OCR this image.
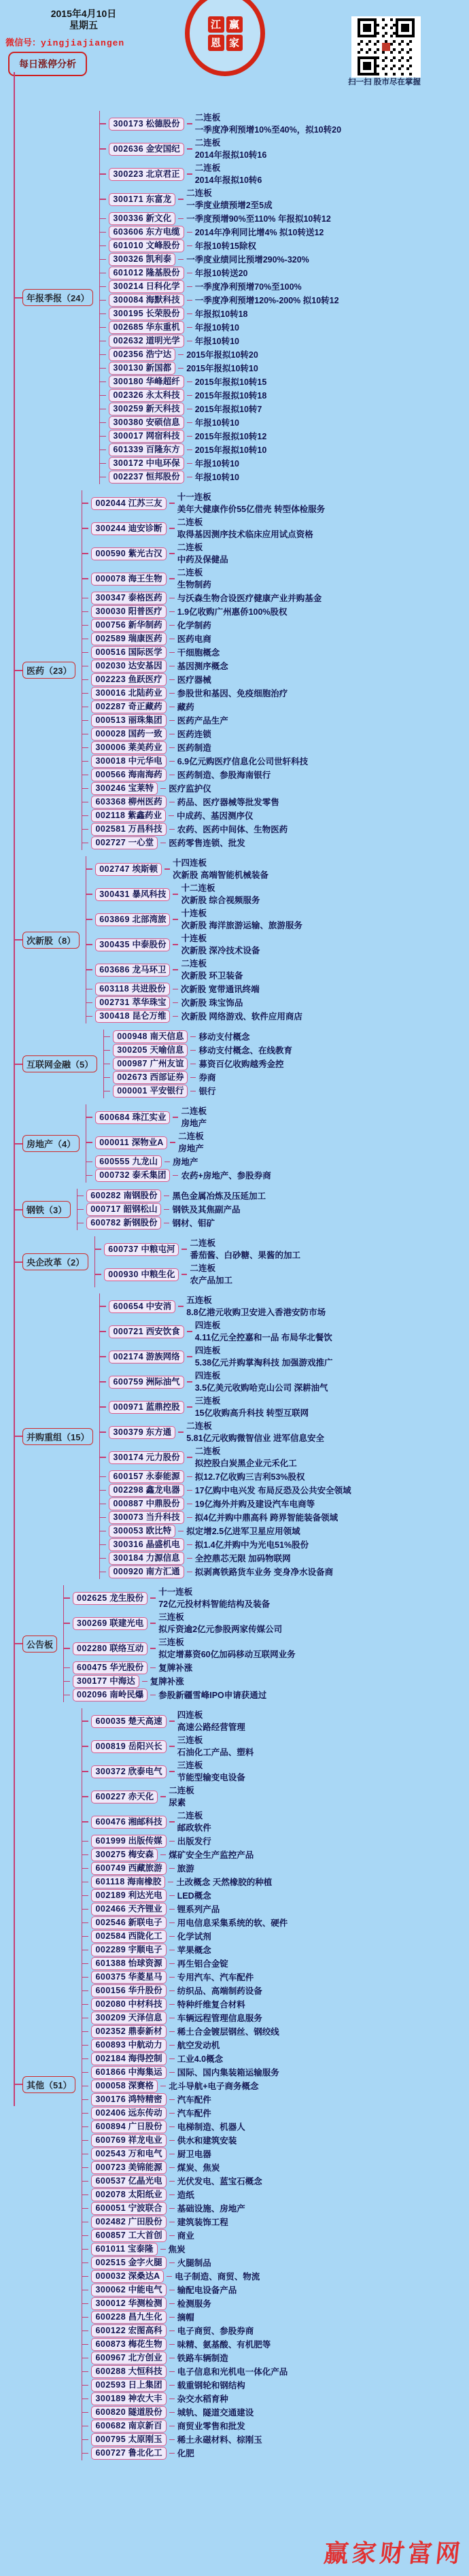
2015年4月10日
星期五
微信号：yingjiajiangen
每日涨停分析
江 赢
恩 家
扫一扫 股市尽在掌握
年报季报（24）
300173 松德股份
二连板
一季度净利预增10%至40%，拟10转20
002636 金安国纪
二连板
2014年报拟10转16
300223 北京君正
二连板
2014年报拟10转6
300171 东富龙
二连板
一季度业绩预增2至5成
300336 新文化	一季度预增90%至110% 年报拟10转12
603606 东方电缆	2014年净利同比增4% 拟10转送12
601010 文峰股份	年报10转15除权
300326 凯利泰	一季度业绩同比预增290%-320%
601012 隆基股份	年报10转送20
300214 日科化学	一季度净利预增70%至100%
300084 海默科技	一季度净利预增120%-200% 拟10转12
300195 长荣股份	年报拟10转18
002685 华东重机	年报10转10
002632 道明光学	年报10转10
002356 浩宁达	2015年报拟10转20
300130 新国都	2015年报拟10转10
300180 华峰超纤	2015年报拟10转15
002326 永太科技	2015年报拟10转18
300259 新天科技	2015年报拟10转7
300380 安硕信息	年报10转10
300017 网宿科技	2015年报拟10转12
601339 百隆东方	2015年报拟10转10
300172 中电环保	年报10转10
002237 恒邦股份	年报10转10
医药（23）
002044 江苏三友
十一连板
美年大健康作价55亿借壳 转型体检服务
300244 迪安诊断
二连板
取得基因测序技术临床应用试点资格
000590 紫光古汉
二连板
中药及保健品
000078 海王生物
二连板
生物制药
300347 泰格医药	与沃森生物合设医疗健康产业并购基金
300030 阳普医疗	1.9亿收购广州惠侨100%股权
000756 新华制药	化学制药
002589 瑞康医药	医药电商
000516 国际医学	干细胞概念
002030 达安基因	基因测序概念
002223 鱼跃医疗	医疗器械
300016 北陆药业	参股世和基因、免疫细胞治疗
002287 奇正藏药	藏药
000513 丽珠集团	医药产品生产
000028 国药一致	医药连锁
300006 莱美药业	医药制造
300018 中元华电	6.9亿元购医疗信息化公司世轩科技
000566 海南海药	医药制造、参股海南银行
300246 宝莱特	医疗监护仪
603368 柳州医药	药品、医疗器械等批发零售
002118 紫鑫药业	中成药、基因测序仪
002581 万昌科技	农药、医药中间体、生物医药
002727 一心堂	医药零售连锁、批发
次新股（8）
002747 埃斯顿
十四连板
次新股 高端智能机械装备
300431 暴风科技
十二连板
次新股 综合视频服务
603869 北部湾旅
十连板
次新股 海洋旅游运输、旅游服务
300435 中泰股份
十连板
次新股 深冷技术设备
603686 龙马环卫
二连板
次新股 环卫装备
603118 共进股份	次新股 宽带通讯终端
002731 萃华珠宝	次新股 珠宝饰品
300418 昆仑万维	次新股 网络游戏、软件应用商店
互联网金融（5）
000948 南天信息	移动支付概念
300205 天喻信息	移动支付概念、在线教育
000987 广州友谊	募资百亿收购越秀金控
002673 西部证券	券商
000001 平安银行	银行
房地产（4）
600684 珠江实业
二连板
房地产
000011 深物业A
二连板
房地产
600555 九龙山	房地产
000732 泰禾集团	农药+房地产、参股券商
钢铁（3）
600282 南钢股份	黑色金属冶炼及压延加工
000717 韶钢松山	钢铁及其焦副产品
600782 新钢股份	钢材、钼矿
央企改革（2）
600737 中粮屯河
二连板
番茄酱、白砂糖、果酱的加工
000930 中粮生化
二连板
农产品加工
并购重组（15）
600654 中安消
五连板
8.8亿港元收购卫安进入香港安防市场
000721 西安饮食
四连板
4.11亿元全控嘉和一品 布局华北餐饮
002174 游族网络
四连板
5.38亿元并购掌淘科技 加强游戏推广
600759 洲际油气
四连板
3.5亿美元收购哈克山公司 深耕油气
000971 蓝鼎控股
三连板
15亿收购高升科技 转型互联网
300379 东方通
二连板
5.81亿元收购微智信业 进军信息安全
300174 元力股份
二连板
拟控股白炭黑企业元禾化工
600157 永泰能源	拟12.7亿收购三吉利53%股权
002298 鑫龙电器	17亿购中电兴发 布局反恐及公共安全领域
000887 中鼎股份	19亿海外并购及建设汽车电商等
300073 当升科技	拟4亿并购中鼎高科 跨界智能装备领域
300053 欧比特	拟定增2.5亿进军卫星应用领域
300316 晶盛机电	拟1.4亿并购中为光电51%股份
300184 力源信息	全控鼎芯无限 加码物联网
000920 南方汇通	拟剥离铁路货车业务 变身净水设备商
公告板
002625 龙生股份
十一连板
72亿元投材料智能结构及装备
300269 联建光电
三连板
拟斥资逾2亿元参股两家传媒公司
002280 联络互动
三连板
拟定增募资60亿加码移动互联网业务
600475 华光股份	复牌补涨
300177 中海达	复牌补涨
002096 南岭民爆	参股新疆雪峰IPO申请获通过
其他（51）
600035 楚天高速
四连板
高速公路经营管理
000819 岳阳兴长
三连板
石油化工产品、塑料
300372 欣泰电气
三连板
节能型输变电设备
600227 赤天化
二连板
尿素
600476 湘邮科技
二连板
邮政软件
601999 出版传媒	出版发行
300275 梅安森	煤矿安全生产监控产品
600749 西藏旅游	旅游
601118 海南橡胶	土改概念 天然橡胶的种植
002189 利达光电	LED概念
002466 天齐锂业	锂系列产品
002546 新联电子	用电信息采集系统的软、硬件
002584 西陇化工	化学试剂
002289 宇顺电子	苹果概念
601388 怡球资源	再生铝合金锭
600375 华菱星马	专用汽车、汽车配件
600156 华升股份	纺织品、高端制药设备
002080 中材科技	特种纤维复合材料
300209 天泽信息	车辆远程管理信息服务
002352 鼎泰新材	稀土合金镀层钢丝、钢绞线
600893 中航动力	航空发动机
002184 海得控制	工业4.0概念
601866 中海集运	国际、国内集装箱运输服务
000058 深赛格	北斗导航+电子商务概念
300176 鸿特精密	汽车配件
002406 远东传动	汽车配件
600894 广日股份	电梯制造、机器人
600769 祥龙电业	供水和建筑安装
002543 万和电气	厨卫电器
000723 美锦能源	煤炭、焦炭
600537 亿晶光电	光伏发电、蓝宝石概念
002078 太阳纸业	造纸
600051 宁波联合	基础设施、房地产
002482 广田股份	建筑装饰工程
600857 工大首创	商业
601011 宝泰隆	焦炭
002515 金字火腿	火腿制品
000032 深桑达A	电子制造、商贸、物流
300062 中能电气	输配电设备产品
300012 华测检测	检测服务
600228 昌九生化	摘帽
600122 宏图高科	电子商贸、参股券商
600873 梅花生物	味精、氨基酸、有机肥等
600967 北方创业	铁路车辆制造
600288 大恒科技	电子信息和光机电一体化产品
002593 日上集团	载重钢轮和钢结构
300189 神农大丰	杂交水稻育种
600820 隧道股份	城轨、隧道交通建设
600682 南京新百	商贸业零售和批发
000795 太原刚玉	稀土永磁材料、棕刚玉
600727 鲁北化工	化肥
赢家财富网
